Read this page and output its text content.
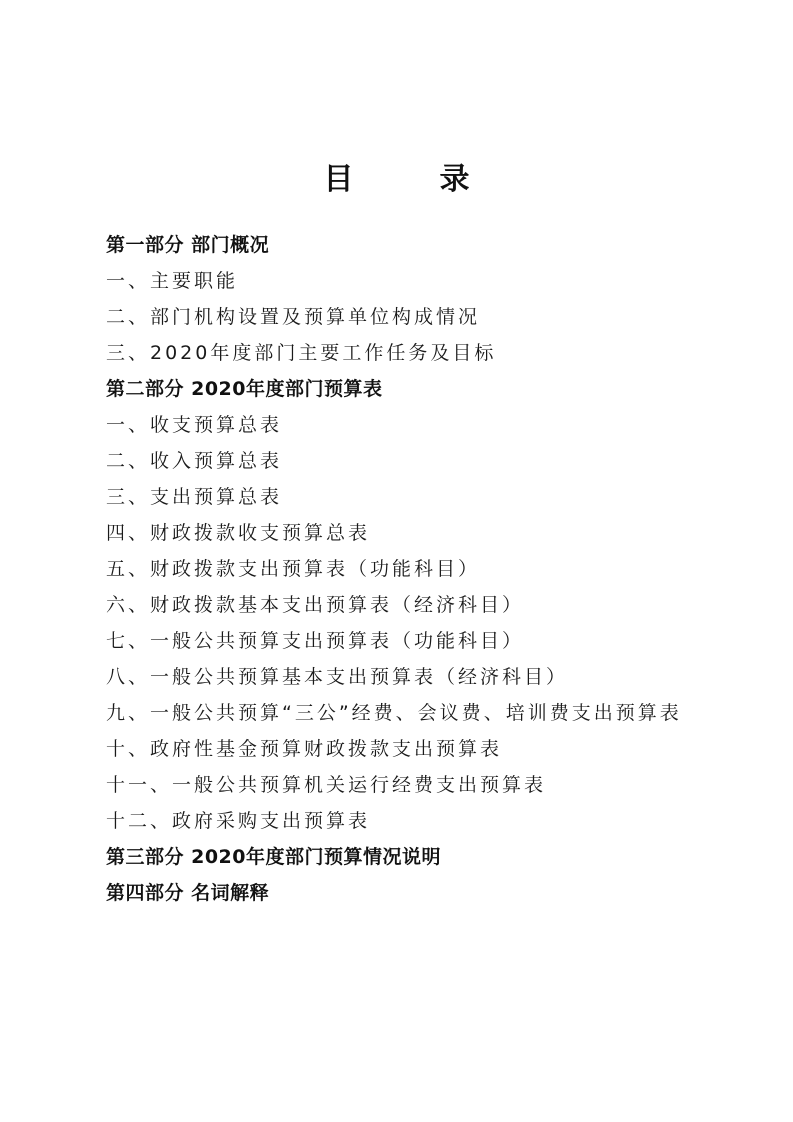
目　录
第一部分 部门概况
一、主要职能
二、部门机构设置及预算单位构成情况
三、2020年度部门主要工作任务及目标
第二部分 2020年度部门预算表
一、收支预算总表
二、收入预算总表
三、支出预算总表
四、财政拨款收支预算总表
五、财政拨款支出预算表（功能科目）
六、财政拨款基本支出预算表（经济科目）
七、一般公共预算支出预算表（功能科目）
八、一般公共预算基本支出预算表（经济科目）
九、一般公共预算“三公”经费、会议费、培训费支出预算表
十、政府性基金预算财政拨款支出预算表
十一、一般公共预算机关运行经费支出预算表
十二、政府采购支出预算表
第三部分 2020年度部门预算情况说明
第四部分 名词解释
